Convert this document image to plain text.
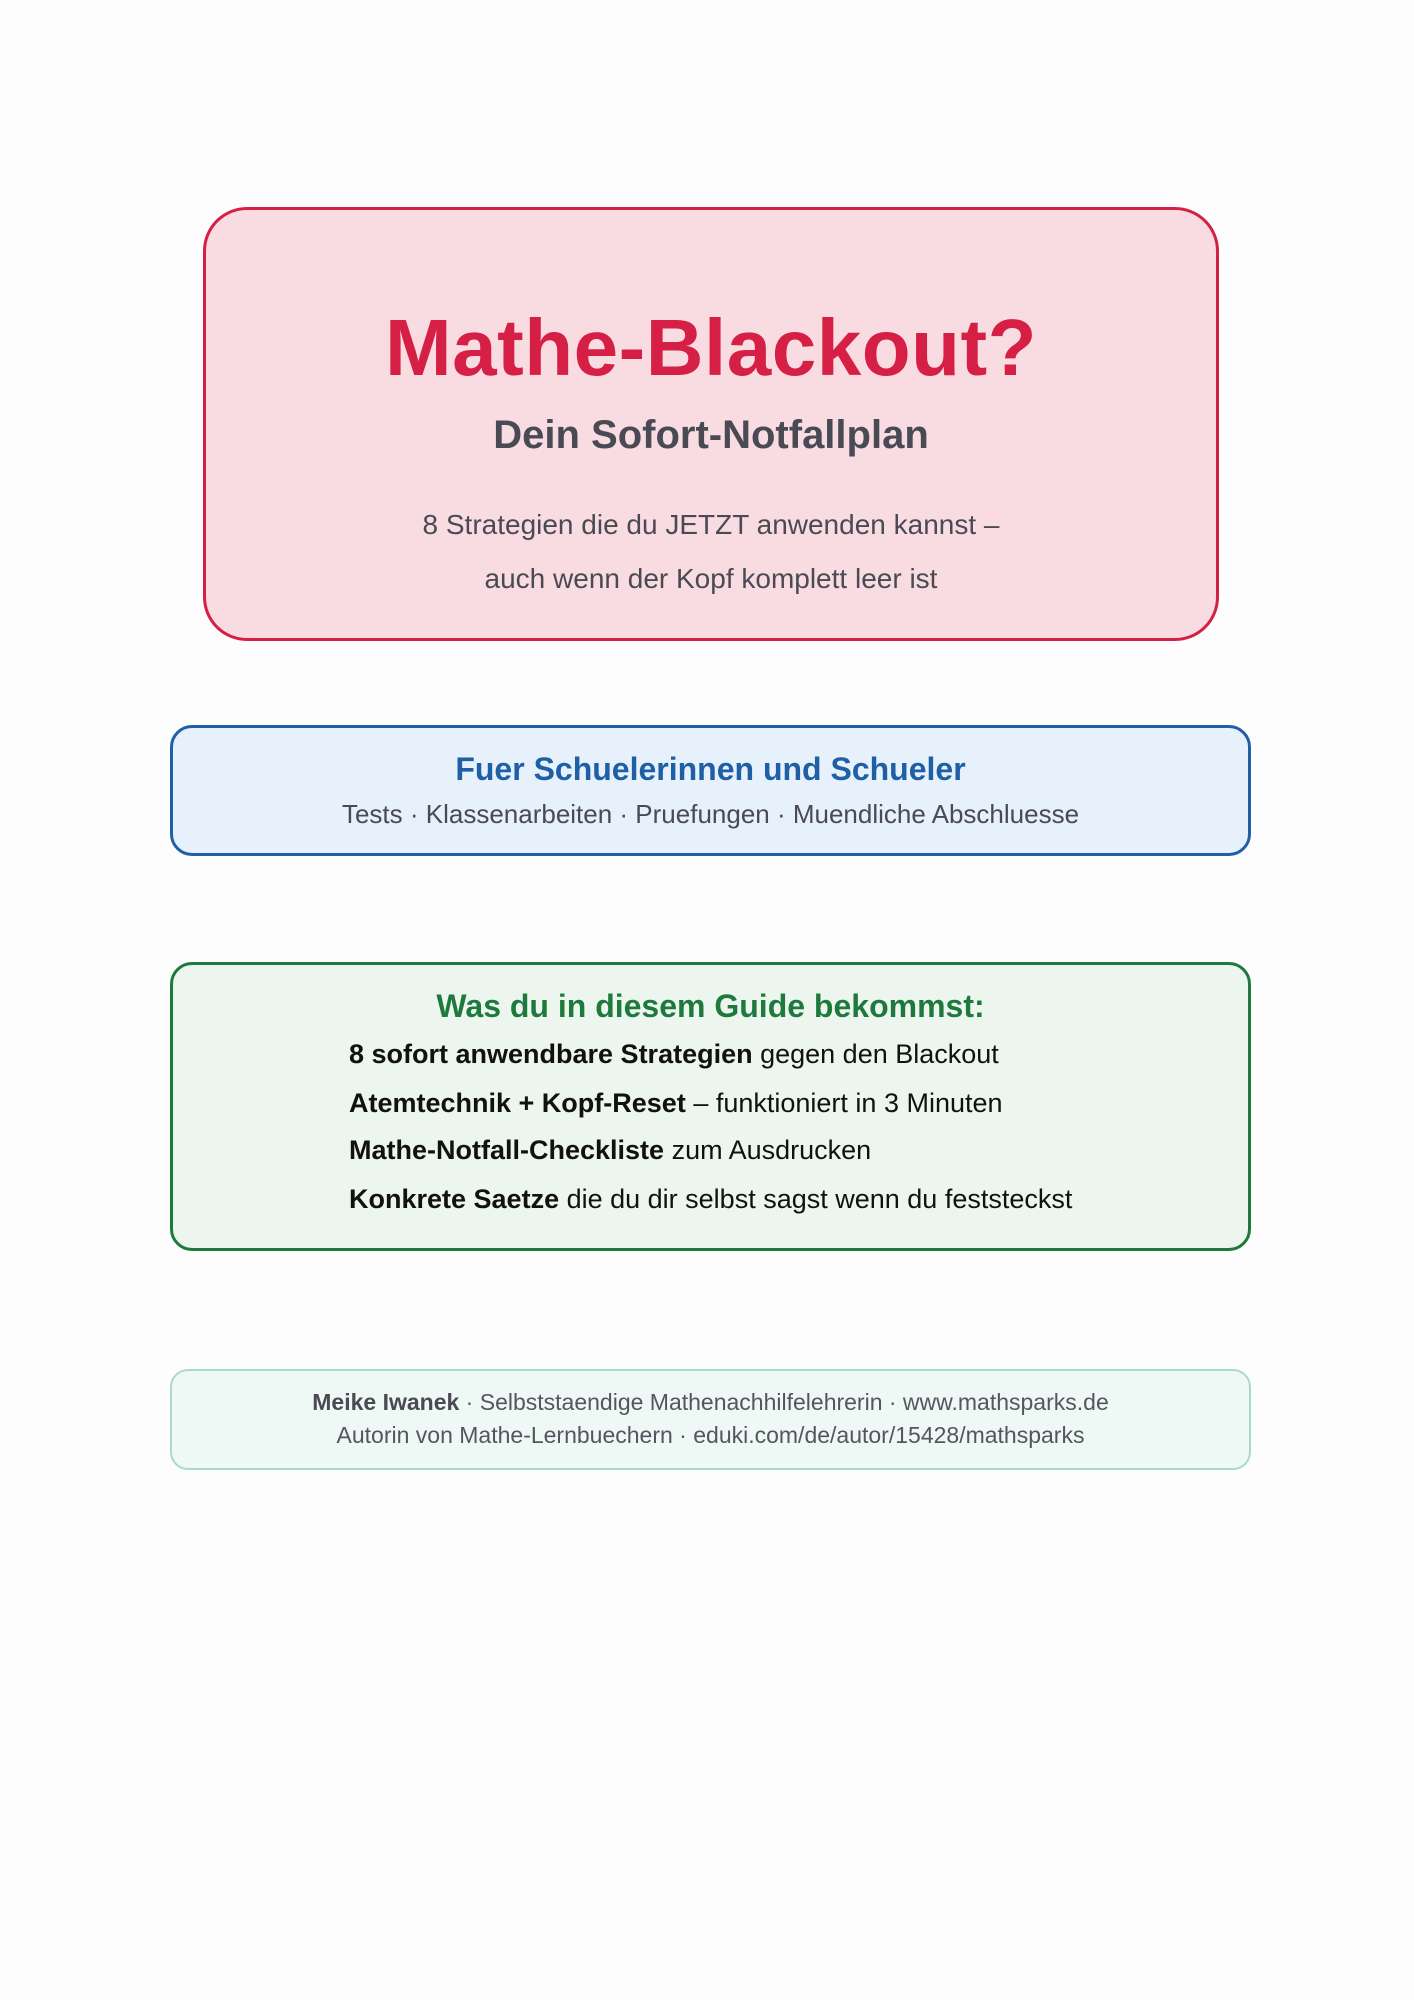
Mathe-Blackout?
Dein Sofort-Notfallplan
8 Strategien die du JETZT anwenden kannst –
auch wenn der Kopf komplett leer ist
Fuer Schuelerinnen und Schueler
Tests · Klassenarbeiten · Pruefungen · Muendliche Abschluesse
Was du in diesem Guide bekommst:
8 sofort anwendbare Strategien gegen den Blackout
Atemtechnik + Kopf-Reset – funktioniert in 3 Minuten
Mathe-Notfall-Checkliste zum Ausdrucken
Konkrete Saetze die du dir selbst sagst wenn du feststeckst
Meike Iwanek · Selbststaendige Mathenachhilfelehrerin · www.mathsparks.de
Autorin von Mathe-Lernbuechern · eduki.com/de/autor/15428/mathsparks
